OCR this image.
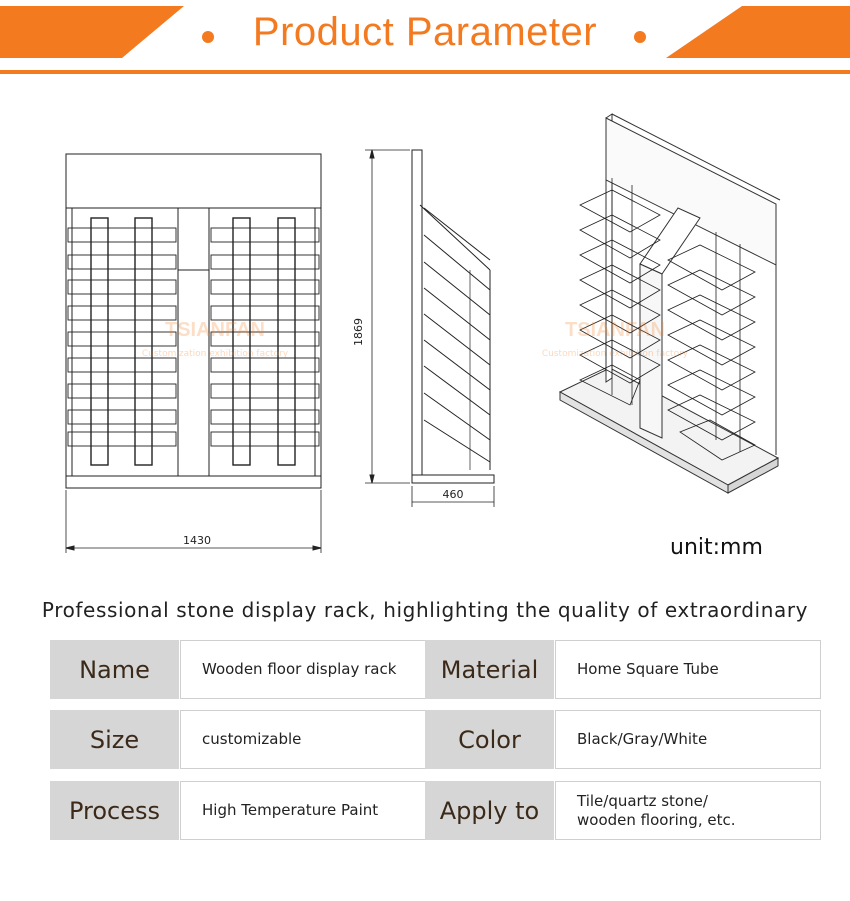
Product Parameter
1430
TSIANFAN
Customization exhibition factory
1869
460
TSIANFAN
Customization exhibition factory
unit:mm
Professional stone display rack, highlighting the quality of extraordinary
Name	Wooden floor display rack	Material	Home Square Tube
Size	customizable	Color	Black/Gray/White
Process	High Temperature Paint	Apply to	Tile/quartz stone/
wooden flooring, etc.
